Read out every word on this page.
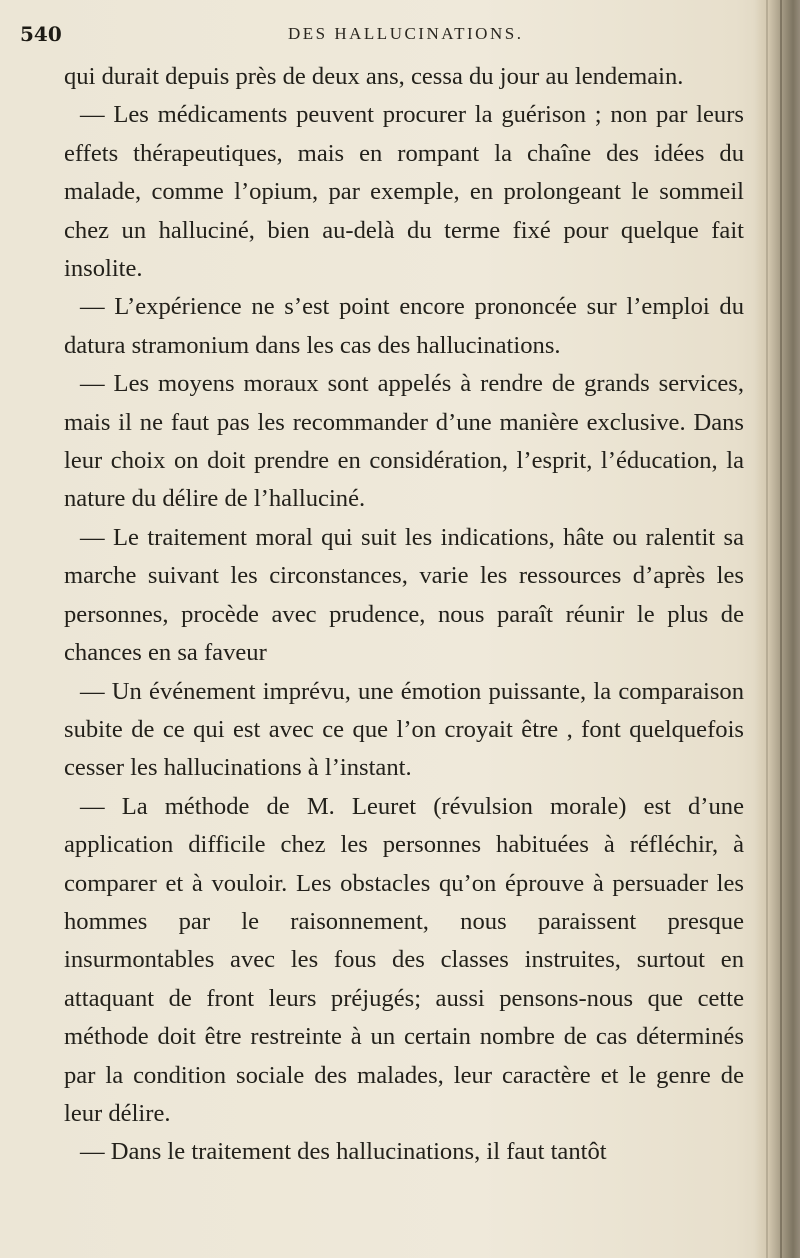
540	DES HALLUCINATIONS.

qui durait depuis près de deux ans, cessa du jour au lendemain.

— Les médicaments peuvent procurer la guérison ; non par leurs effets thérapeutiques, mais en rompant la chaîne des idées du malade, comme l’opium, par exemple, en prolongeant le sommeil chez un halluciné, bien au-delà du terme fixé pour quelque fait insolite.

— L’expérience ne s’est point encore prononcée sur l’emploi du datura stramonium dans les cas des hallucinations.

— Les moyens moraux sont appelés à rendre de grands services, mais il ne faut pas les recommander d’une manière exclusive. Dans leur choix on doit prendre en considération, l’esprit, l’éducation, la nature du délire de l’halluciné.

— Le traitement moral qui suit les indications, hâte ou ralentit sa marche suivant les circonstances, varie les ressources d’après les personnes, procède avec prudence, nous paraît réunir le plus de chances en sa faveur

— Un événement imprévu, une émotion puissante, la comparaison subite de ce qui est avec ce que l’on croyait être , font quelquefois cesser les hallucinations à l’instant.

— La méthode de M. Leuret (révulsion morale) est d’une application difficile chez les personnes habituées à réfléchir, à comparer et à vouloir. Les obstacles qu’on éprouve à persuader les hommes par le raisonnement, nous paraissent presque insurmontables avec les fous des classes instruites, surtout en attaquant de front leurs préjugés; aussi pensons-nous que cette méthode doit être restreinte à un certain nombre de cas déterminés par la condition sociale des malades, leur caractère et le genre de leur délire.

— Dans le traitement des hallucinations, il faut tantôt
